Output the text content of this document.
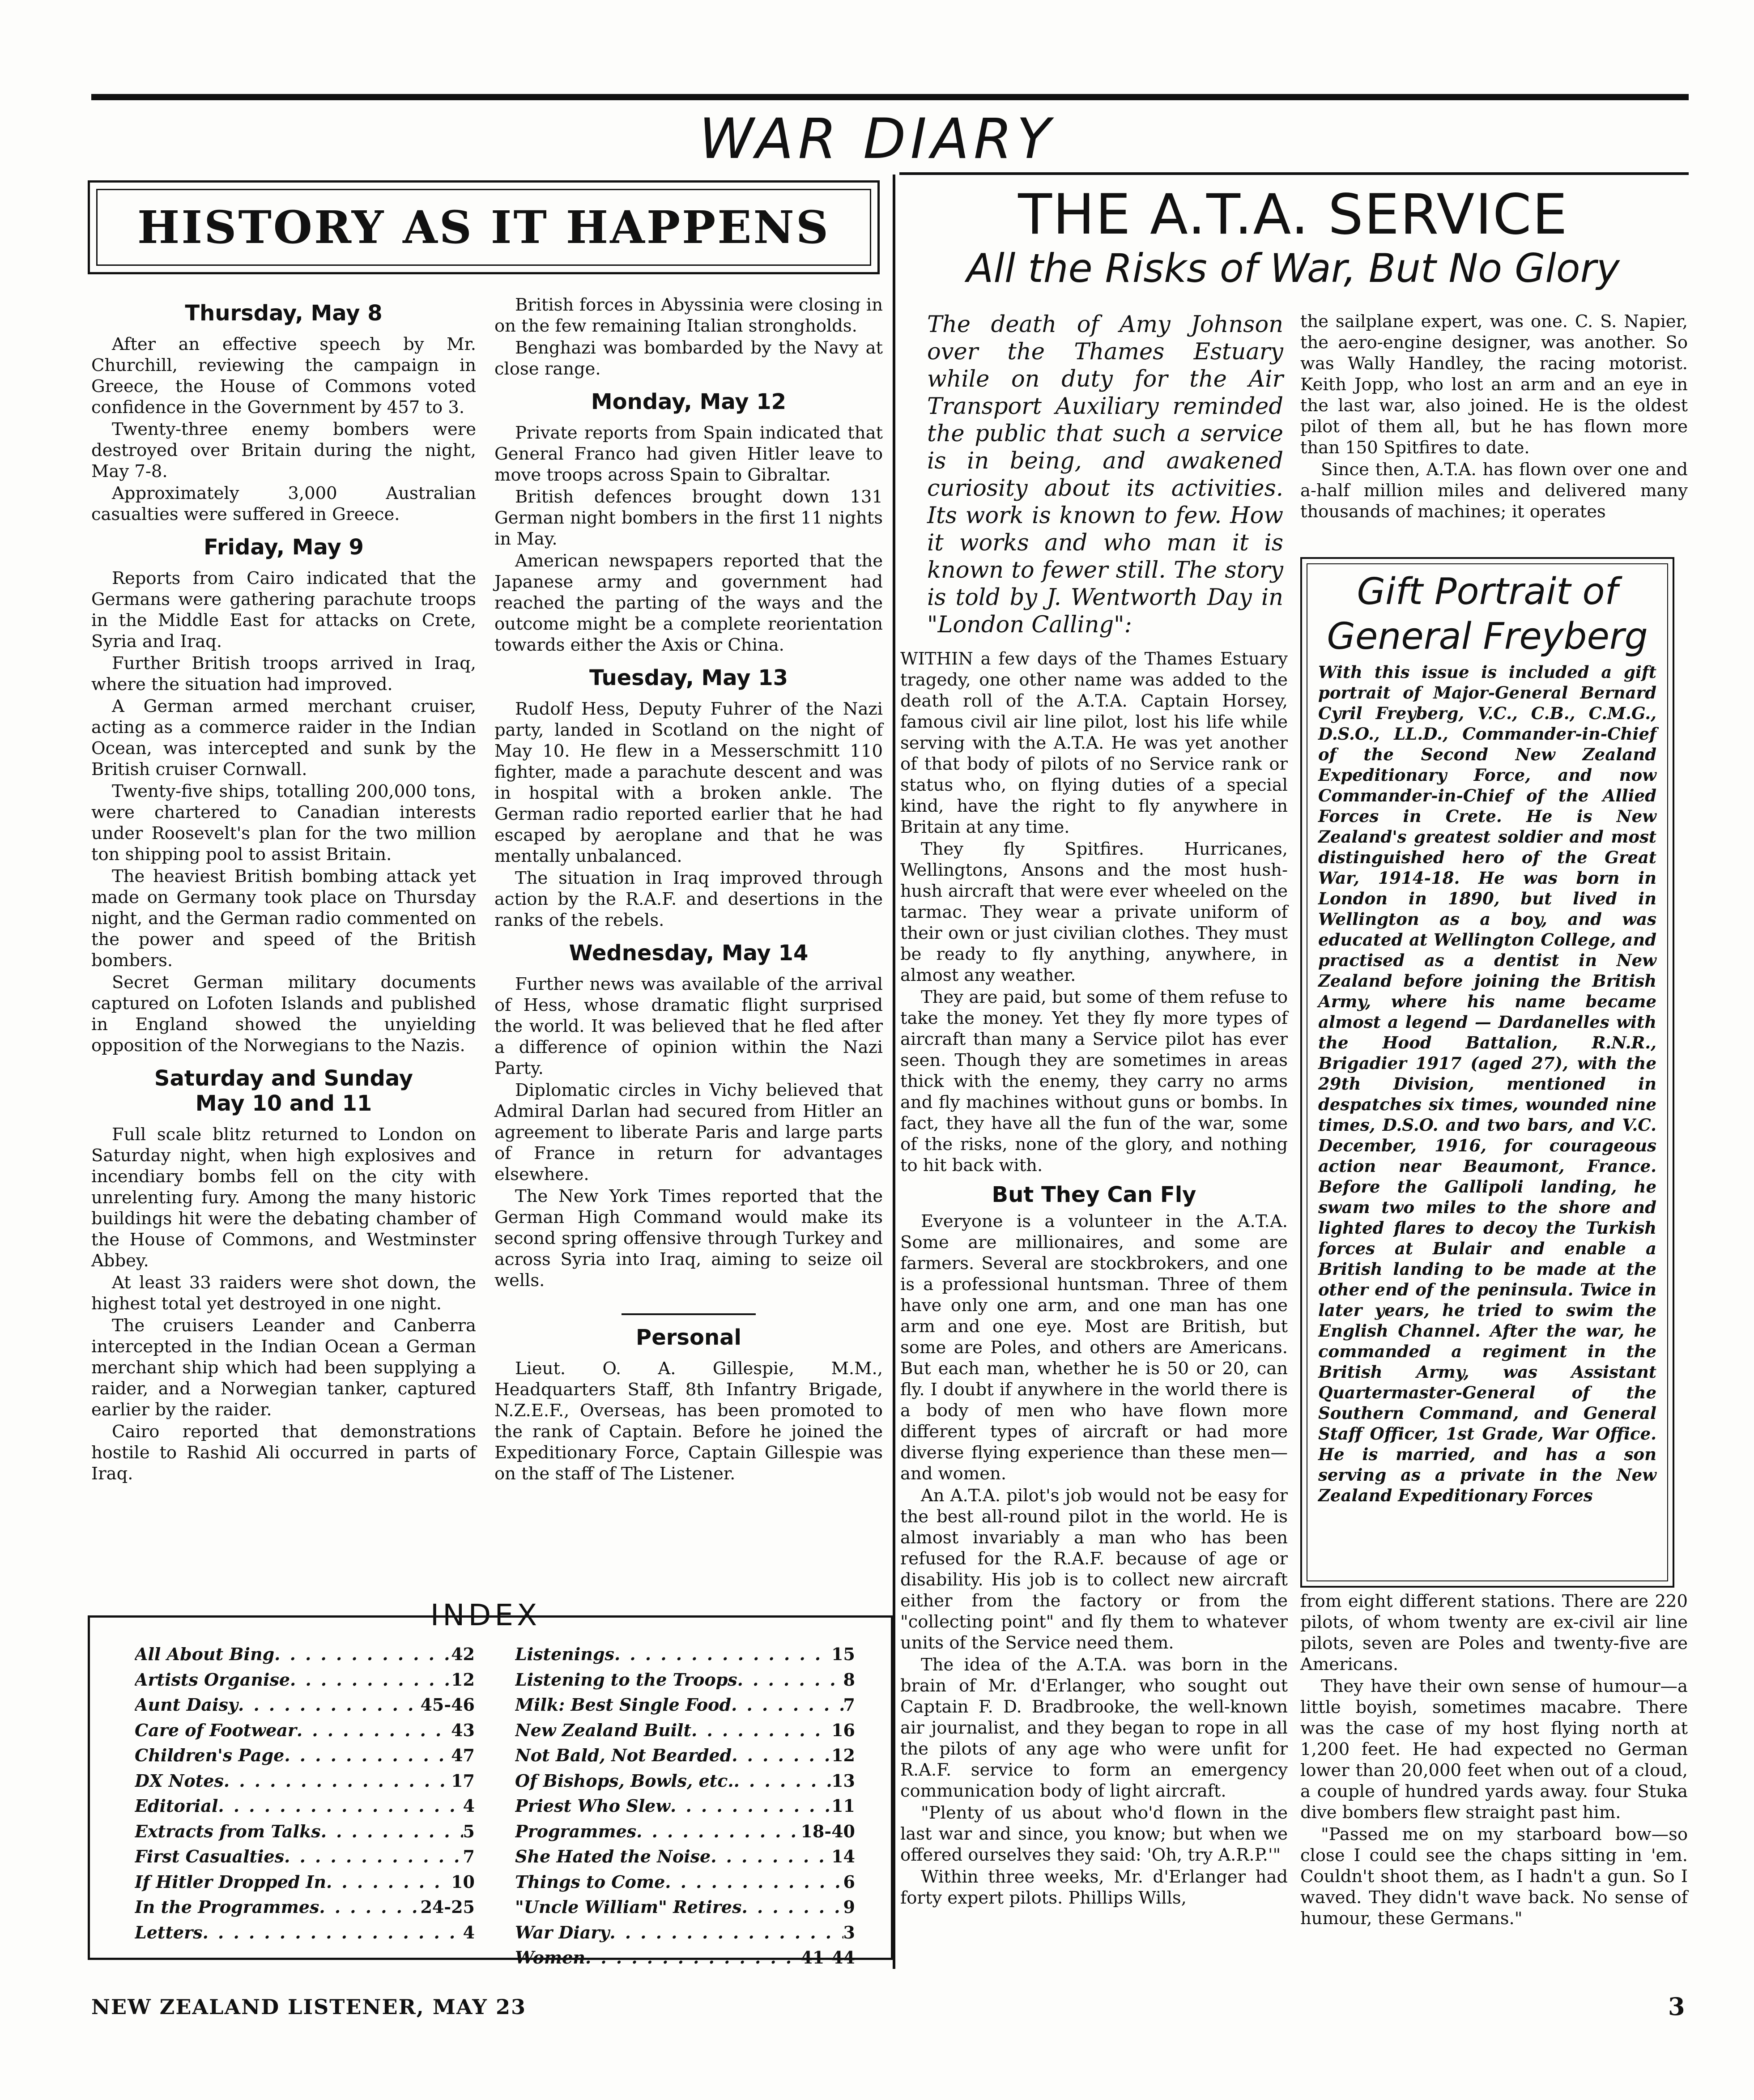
WAR DIARY
HISTORY AS IT HAPPENS
Thursday, May 8

After an effective speech by Mr. Churchill, reviewing the campaign in Greece, the House of Commons voted confidence in the Government by 457 to 3.

Twenty-three enemy bombers were destroyed over Britain during the night, May 7-8.

Approximately 3,000 Australian casualties were suffered in Greece.

Friday, May 9

Reports from Cairo indicated that the Germans were gathering parachute troops in the Middle East for attacks on Crete, Syria and Iraq.

Further British troops arrived in Iraq, where the situation had improved.

A German armed merchant cruiser, acting as a commerce raider in the Indian Ocean, was intercepted and sunk by the British cruiser Cornwall.

Twenty-five ships, totalling 200,000 tons, were chartered to Canadian interests under Roosevelt's plan for the two million ton shipping pool to assist Britain.

The heaviest British bombing attack yet made on Germany took place on Thursday night, and the German radio commented on the power and speed of the British bombers.

Secret German military documents captured on Lofoten Islands and published in England showed the unyielding opposition of the Norwegians to the Nazis.

Saturday and Sunday May 10 and 11

Full scale blitz returned to London on Saturday night, when high explosives and incendiary bombs fell on the city with unrelenting fury. Among the many historic buildings hit were the debating chamber of the House of Commons, and Westminster Abbey.

At least 33 raiders were shot down, the highest total yet destroyed in one night.

The cruisers Leander and Canberra intercepted in the Indian Ocean a German merchant ship which had been supplying a raider, and a Norwegian tanker, captured earlier by the raider.

Cairo reported that demonstrations hostile to Rashid Ali occurred in parts of Iraq.

British forces in Abyssinia were closing in on the few remaining Italian strongholds.

Benghazi was bombarded by the Navy at close range.

Monday, May 12

Private reports from Spain indicated that General Franco had given Hitler leave to move troops across Spain to Gibraltar.

British defences brought down 131 German night bombers in the first 11 nights in May.

American newspapers reported that the Japanese army and government had reached the parting of the ways and the outcome might be a complete reorientation towards either the Axis or China.

Tuesday, May 13

Rudolf Hess, Deputy Fuhrer of the Nazi party, landed in Scotland on the night of May 10. He flew in a Messerschmitt 110 fighter, made a parachute descent and was in hospital with a broken ankle. The German radio reported earlier that he had escaped by aeroplane and that he was mentally unbalanced.

The situation in Iraq improved through action by the R.A.F. and desertions in the ranks of the rebels.

Wednesday, May 14

Further news was available of the arrival of Hess, whose dramatic flight surprised the world. It was believed that he fled after a difference of opinion within the Nazi Party.

Diplomatic circles in Vichy believed that Admiral Darlan had secured from Hitler an agreement to liberate Paris and large parts of France in return for advantages elsewhere.

The New York Times reported that the German High Command would make its second spring offensive through Turkey and across Syria into Iraq, aiming to seize oil wells.

Personal

Lieut. O. A. Gillespie, M.M., Headquarters Staff, 8th Infantry Brigade, N.Z.E.F., Overseas, has been promoted to the rank of Captain. Before he joined the Expeditionary Force, Captain Gillespie was on the staff of The Listener.

INDEX
All About Bing . . .	42
Artists Organise . . .	12
Aunt Daisy . . .	45-46
Care of Footwear . . .	43
Children's Page . . .	47
DX Notes . . .	17
Editorial . . .	4
Extracts from Talks . . .	5
First Casualties . . .	7
If Hitler Dropped In . . .	10
In the Programmes . . .	24-25
Letters . . .	4
Listenings . . .	15
Listening to the Troops . . .	8
Milk: Best Single Food . . .	7
New Zealand Built . . .	16
Not Bald, Not Bearded . . .	12
Of Bishops, Bowls, etc. . . .	13
Priest Who Slew . . .	11
Programmes . . .	18-40
She Hated the Noise . . .	14
Things to Come . . .	6
"Uncle William" Retires . . .	9
War Diary . . .	3
Women . . .	41-44
THE A.T.A. SERVICE
All the Risks of War, But No Glory
The death of Amy Johnson over the Thames Estuary while on duty for the Air Transport Auxiliary reminded the public that such a service is in being, and awakened curiosity about its activities. Its work is known to few. How it works and who man it is known to fewer still. The story is told by J. Wentworth Day in "London Calling":

WITHIN a few days of the Thames Estuary tragedy, one other name was added to the death roll of the A.T.A. Captain Horsey, famous civil air line pilot, lost his life while serving with the A.T.A. He was yet another of that body of pilots of no Service rank or status who, on flying duties of a special kind, have the right to fly anywhere in Britain at any time.

They fly Spitfires. Hurricanes, Wellingtons, Ansons and the most hush-hush aircraft that were ever wheeled on the tarmac. They wear a private uniform of their own or just civilian clothes. They must be ready to fly anything, anywhere, in almost any weather.

They are paid, but some of them refuse to take the money. Yet they fly more types of aircraft than many a Service pilot has ever seen. Though they are sometimes in areas thick with the enemy, they carry no arms and fly machines without guns or bombs. In fact, they have all the fun of the war, some of the risks, none of the glory, and nothing to hit back with.

But They Can Fly

Everyone is a volunteer in the A.T.A. Some are millionaires, and some are farmers. Several are stockbrokers, and one is a professional huntsman. Three of them have only one arm, and one man has one arm and one eye. Most are British, but some are Poles, and others are Americans. But each man, whether he is 50 or 20, can fly. I doubt if anywhere in the world there is a body of men who have flown more different types of aircraft or had more diverse flying experience than these men—and women.

An A.T.A. pilot's job would not be easy for the best all-round pilot in the world. He is almost invariably a man who has been refused for the R.A.F. because of age or disability. His job is to collect new aircraft either from the factory or from the "collecting point" and fly them to whatever units of the Service need them.

The idea of the A.T.A. was born in the brain of Mr. d'Erlanger, who sought out Captain F. D. Bradbrooke, the well-known air journalist, and they began to rope in all the pilots of any age who were unfit for R.A.F. service to form an emergency communication body of light aircraft.

"Plenty of us about who'd flown in the last war and since, you know; but when we offered ourselves they said: 'Oh, try A.R.P.'"

Within three weeks, Mr. d'Erlanger had forty expert pilots. Phillips Wills,

the sailplane expert, was one. C. S. Napier, the aero-engine designer, was another. So was Wally Handley, the racing motorist. Keith Jopp, who lost an arm and an eye in the last war, also joined. He is the oldest pilot of them all, but he has flown more than 150 Spitfires to date.

Since then, A.T.A. has flown over one and a-half million miles and delivered many thousands of machines; it operates

Gift Portrait of General Freyberg
With this issue is included a gift portrait of Major-General Bernard Cyril Freyberg, V.C., C.B., C.M.G., D.S.O., LL.D., Commander-in-Chief of the Second New Zealand Expeditionary Force, and now Commander-in-Chief of the Allied Forces in Crete. He is New Zealand's greatest soldier and most distinguished hero of the Great War, 1914-18. He was born in London in 1890, but lived in Wellington as a boy, and was educated at Wellington College, and practised as a dentist in New Zealand before joining the British Army, where his name became almost a legend — Dardanelles with the Hood Battalion, R.N.R., Brigadier 1917 (aged 27), with the 29th Division, mentioned in despatches six times, wounded nine times, D.S.O. and two bars, and V.C. December, 1916, for courageous action near Beaumont, France. Before the Gallipoli landing, he swam two miles to the shore and lighted flares to decoy the Turkish forces at Bulair and enable a British landing to be made at the other end of the peninsula. Twice in later years, he tried to swim the English Channel. After the war, he commanded a regiment in the British Army, was Assistant Quartermaster-General of the Southern Command, and General Staff Officer, 1st Grade, War Office. He is married, and has a son serving as a private in the New Zealand Expeditionary Forces

from eight different stations. There are 220 pilots, of whom twenty are ex-civil air line pilots, seven are Poles and twenty-five are Americans.

They have their own sense of humour—a little boyish, sometimes macabre. There was the case of my host flying north at 1,200 feet. He had expected no German lower than 20,000 feet when out of a cloud, a couple of hundred yards away. four Stuka dive bombers flew straight past him.

"Passed me on my starboard bow—so close I could see the chaps sitting in 'em. Couldn't shoot them, as I hadn't a gun. So I waved. They didn't wave back. No sense of humour, these Germans."

NEW ZEALAND LISTENER, MAY 23	3
